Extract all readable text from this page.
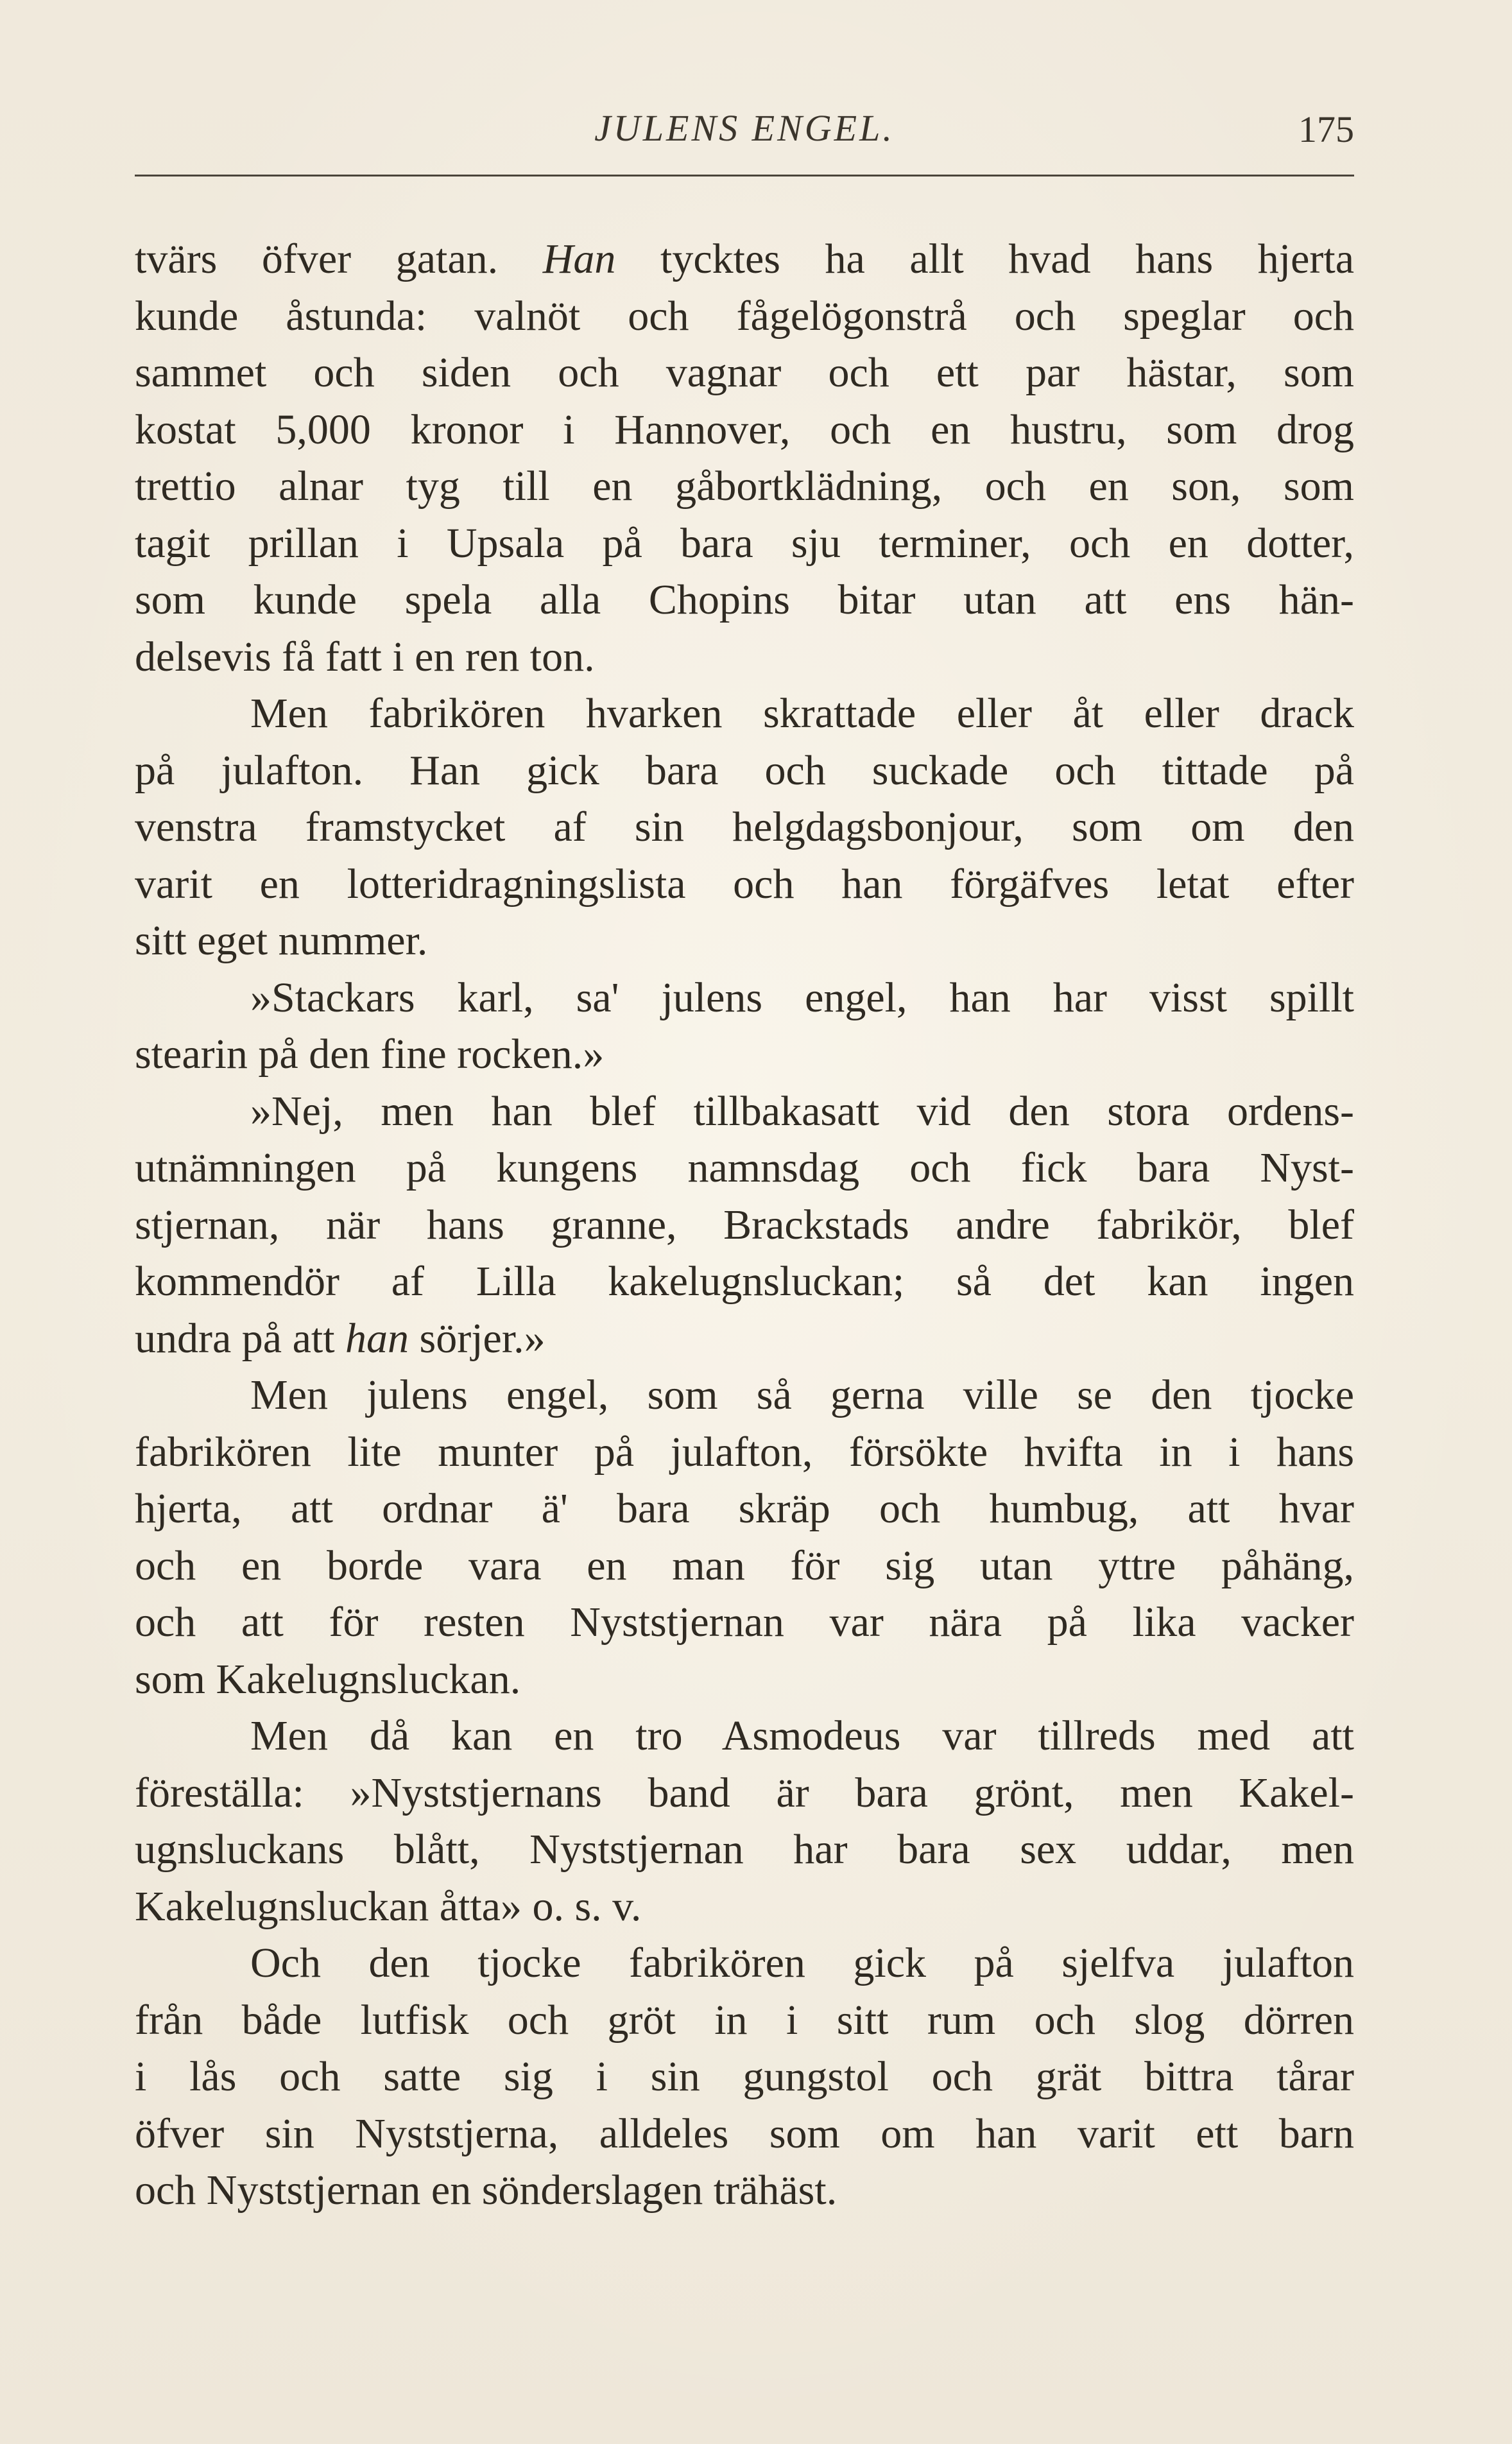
JULENS ENGEL.	175
tvärs öfver gatan. Han tycktes ha allt hvad hans hjerta
kunde åstunda: valnöt och fågelögonstrå och speglar och
sammet och siden och vagnar och ett par hästar, som
kostat 5,000 kronor i Hannover, och en hustru, som drog
trettio alnar tyg till en gåbortklädning, och en son, som
tagit prillan i Upsala på bara sju terminer, och en dotter,
som kunde spela alla Chopins bitar utan att ens hän-
delsevis få fatt i en ren ton.
Men fabrikören hvarken skrattade eller åt eller drack
på julafton. Han gick bara och suckade och tittade på
venstra framstycket af sin helgdagsbonjour, som om den
varit en lotteridragningslista och han förgäfves letat efter
sitt eget nummer.
»Stackars karl, sa' julens engel, han har visst spillt
stearin på den fine rocken.»
»Nej, men han blef tillbakasatt vid den stora ordens-
utnämningen på kungens namnsdag och fick bara Nyst-
stjernan, när hans granne, Brackstads andre fabrikör, blef
kommendör af Lilla kakelugnsluckan; så det kan ingen
undra på att han sörjer.»
Men julens engel, som så gerna ville se den tjocke
fabrikören lite munter på julafton, försökte hvifta in i hans
hjerta, att ordnar ä' bara skräp och humbug, att hvar
och en borde vara en man för sig utan yttre påhäng,
och att för resten Nyststjernan var nära på lika vacker
som Kakelugnsluckan.
Men då kan en tro Asmodeus var tillreds med att
föreställa: »Nyststjernans band är bara grönt, men Kakel-
ugnsluckans blått, Nyststjernan har bara sex uddar, men
Kakelugnsluckan åtta» o. s. v.
Och den tjocke fabrikören gick på sjelfva julafton
från både lutfisk och gröt in i sitt rum och slog dörren
i lås och satte sig i sin gungstol och grät bittra tårar
öfver sin Nyststjerna, alldeles som om han varit ett barn
och Nyststjernan en sönderslagen trähäst.
